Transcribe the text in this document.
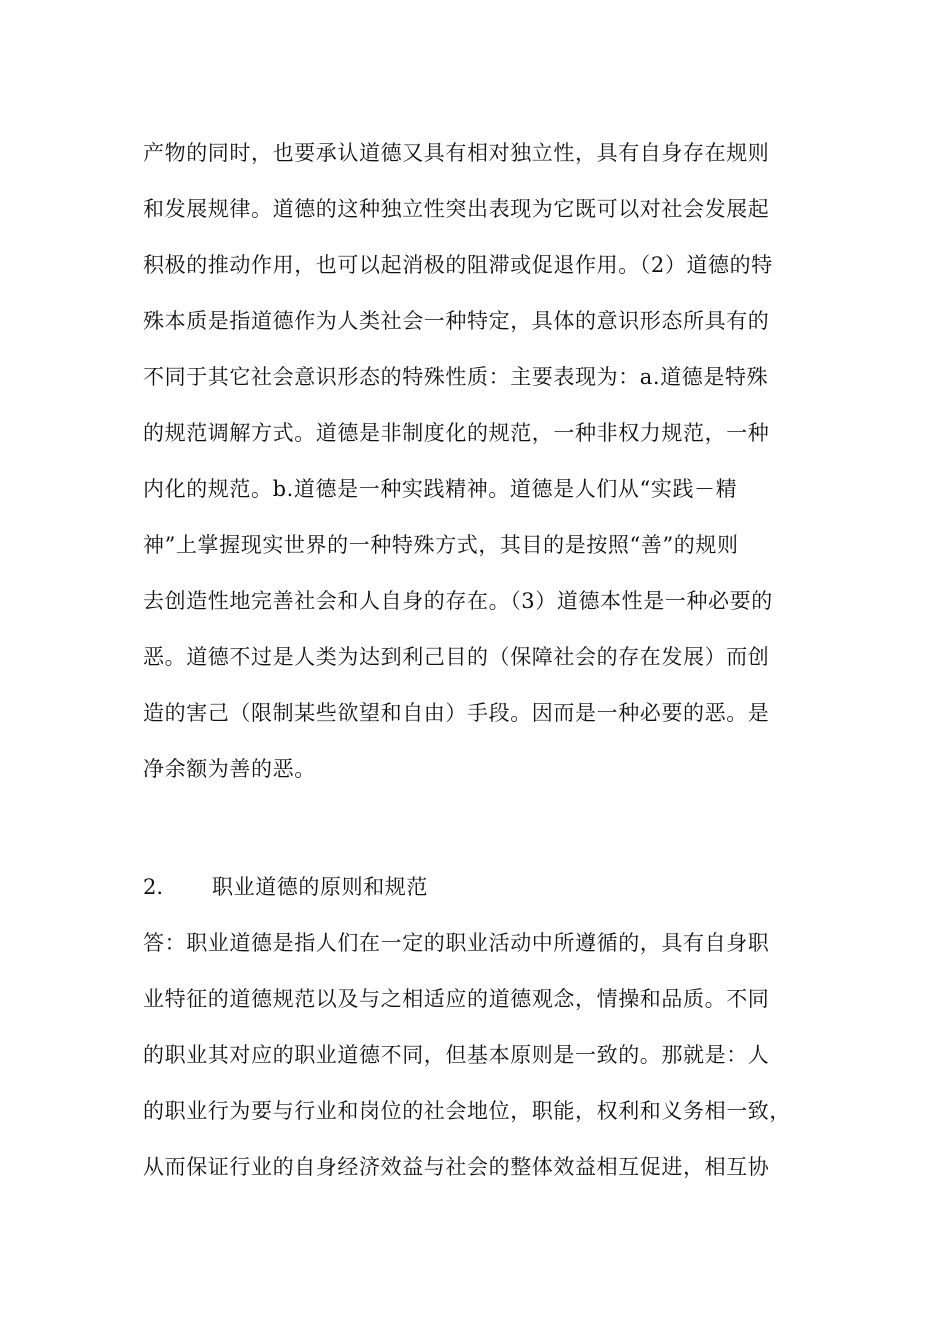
产物的同时，也要承认道德又具有相对独立性，具有自身存在规则
和发展规律。道德的这种独立性突出表现为它既可以对社会发展起
积极的推动作用，也可以起消极的阻滞或促退作用。（2）道德的特
殊本质是指道德作为人类社会一种特定，具体的意识形态所具有的
不同于其它社会意识形态的特殊性质：主要表现为：a.道德是特殊
的规范调解方式。道德是非制度化的规范，一种非权力规范，一种
内化的规范。b.道德是一种实践精神。道德是人们从“实践－精
神”上掌握现实世界的一种特殊方式，其目的是按照“善”的规则
去创造性地完善社会和人自身的存在。（3）道德本性是一种必要的
恶。道德不过是人类为达到利己目的（保障社会的存在发展）而创
造的害己（限制某些欲望和自由）手段。因而是一种必要的恶。是
净余额为善的恶。
2. 职业道德的原则和规范
答：职业道德是指人们在一定的职业活动中所遵循的，具有自身职
业特征的道德规范以及与之相适应的道德观念，情操和品质。不同
的职业其对应的职业道德不同，但基本原则是一致的。那就是：人
的职业行为要与行业和岗位的社会地位，职能，权利和义务相一致，
从而保证行业的自身经济效益与社会的整体效益相互促进，相互协
